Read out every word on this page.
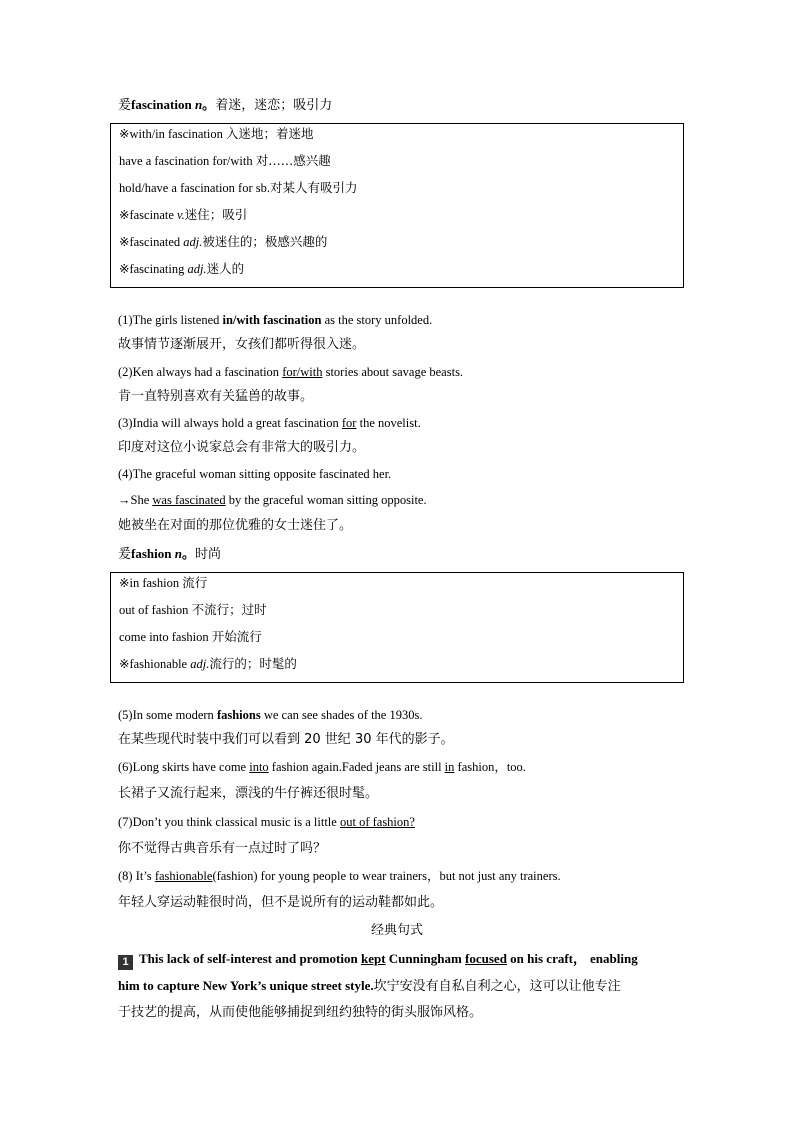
爰fascination n。着迷，迷恋；吸引力
※with/in fascination 入迷地；着迷地
have a fascination for/with 对……感兴趣
hold/have a fascination for sb.对某人有吸引力
※fascinate v.迷住；吸引
※fascinated adj.被迷住的；极感兴趣的
※fascinating adj.迷人的
(1)The girls listened in/with fascination as the story unfolded.
故事情节逐渐展开，女孩们都听得很入迷。
(2)Ken always had a fascination for/with stories about savage beasts.
肯一直特别喜欢有关猛兽的故事。
(3)India will always hold a great fascination for the novelist.
印度对这位小说家总会有非常大的吸引力。
(4)The graceful woman sitting opposite fascinated her.
→She was fascinated by the graceful woman sitting opposite.
她被坐在对面的那位优雅的女士迷住了。
爰fashion n。时尚
※in fashion 流行
out of fashion 不流行；过时
come into fashion 开始流行
※fashionable adj.流行的；时髦的
(5)In some modern fashions we can see shades of the 1930s.
在某些现代时装中我们可以看到 20 世纪 30 年代的影子。
(6)Long skirts have come into fashion again.Faded jeans are still in fashion，too.
长裙子又流行起来，漂浅的牛仔裤还很时髦。
(7)Don’t you think classical music is a little out of fashion?
你不觉得古典音乐有一点过时了吗？
(8) It’s fashionable(fashion) for young people to wear trainers，but not just any trainers.
年轻人穿运动鞋很时尚，但不是说所有的运动鞋都如此。
经典句式
1 This lack of self-interest and promotion kept Cunningham focused on his craft， enabling
him to capture New York’s unique street style.坎宁安没有自私自利之心，这可以让他专注
于技艺的提高，从而使他能够捕捉到纽约独特的街头服饰风格。
